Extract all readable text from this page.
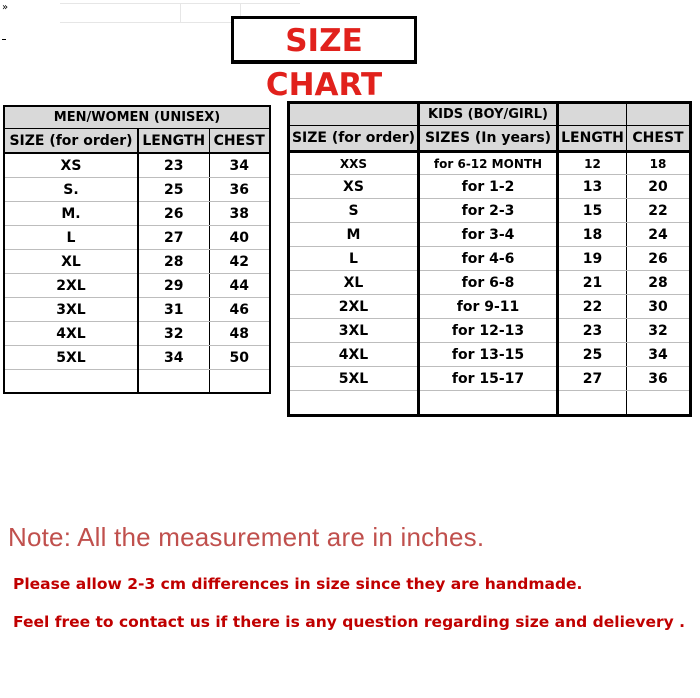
»
SIZE CHART
MEN/WOMEN (UNISEX)		
SIZE (for order)	LENGTH	CHEST
XS	23	34
S.	25	36
M.	26	38
L	27	40
XL	28	42
2XL	29	44
3XL	31	46
4XL	32	48
5XL	34	50

	KIDS (BOY/GIRL)		
SIZE (for order)	SIZES (In years)	LENGTH	CHEST
XXS	for 6-12 MONTH	12	18
XS	for 1-2	13	20
S	for 2-3	15	22
M	for 3-4	18	24
L	for 4-6	19	26
XL	for 6-8	21	28
2XL	for 9-11	22	30
3XL	for 12-13	23	32
4XL	for 13-15	25	34
5XL	for 15-17	27	36

Note: All the measurement are in inches.
Please allow 2-3 cm differences in size since they are handmade.
Feel free to contact us if there is any question regarding size and delievery .
